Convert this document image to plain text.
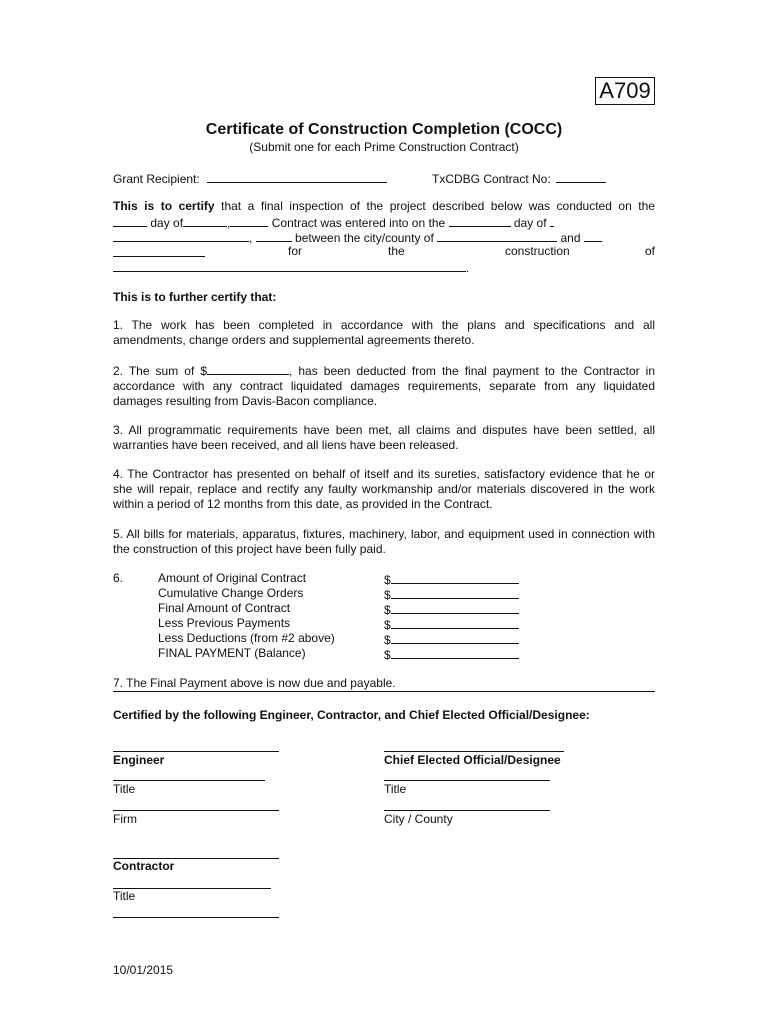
A709
Certificate of Construction Completion (COCC)
(Submit one for each Prime Construction Contract)
Grant Recipient:	TxCDBG Contract No:
This is to certify that a final inspection of the project described below was conducted on the
day of	,	Contract was entered into on the	day of
,	between the city/county of	and
for	the	construction	of
.
This is to further certify that:
1. The work has been completed in accordance with the plans and specifications and all amendments, change orders and supplemental agreements thereto.
2. The sum of $	, has been deducted from the final payment to the Contractor in accordance with any contract liquidated damages requirements, separate from any liquidated damages resulting from Davis-Bacon compliance.
3. All programmatic requirements have been met, all claims and disputes have been settled, all warranties have been received, and all liens have been released.
4. The Contractor has presented on behalf of itself and its sureties, satisfactory evidence that he or she will repair, replace and rectify any faulty workmanship and/or materials discovered in the work within a period of 12 months from this date, as provided in the Contract.
5. All bills for materials, apparatus, fixtures, machinery, labor, and equipment used in connection with the construction of this project have been fully paid.
6.	Amount of Original Contract	$
Cumulative Change Orders	$
Final Amount of Contract	$
Less Previous Payments	$
Less Deductions (from #2 above)	$
FINAL PAYMENT (Balance)	$
7. The Final Payment above is now due and payable.
Certified by the following Engineer, Contractor, and Chief Elected Official/Designee:
Engineer
Title
Firm
Contractor
Title
Chief Elected Official/Designee
Title
City / County
10/01/2015
